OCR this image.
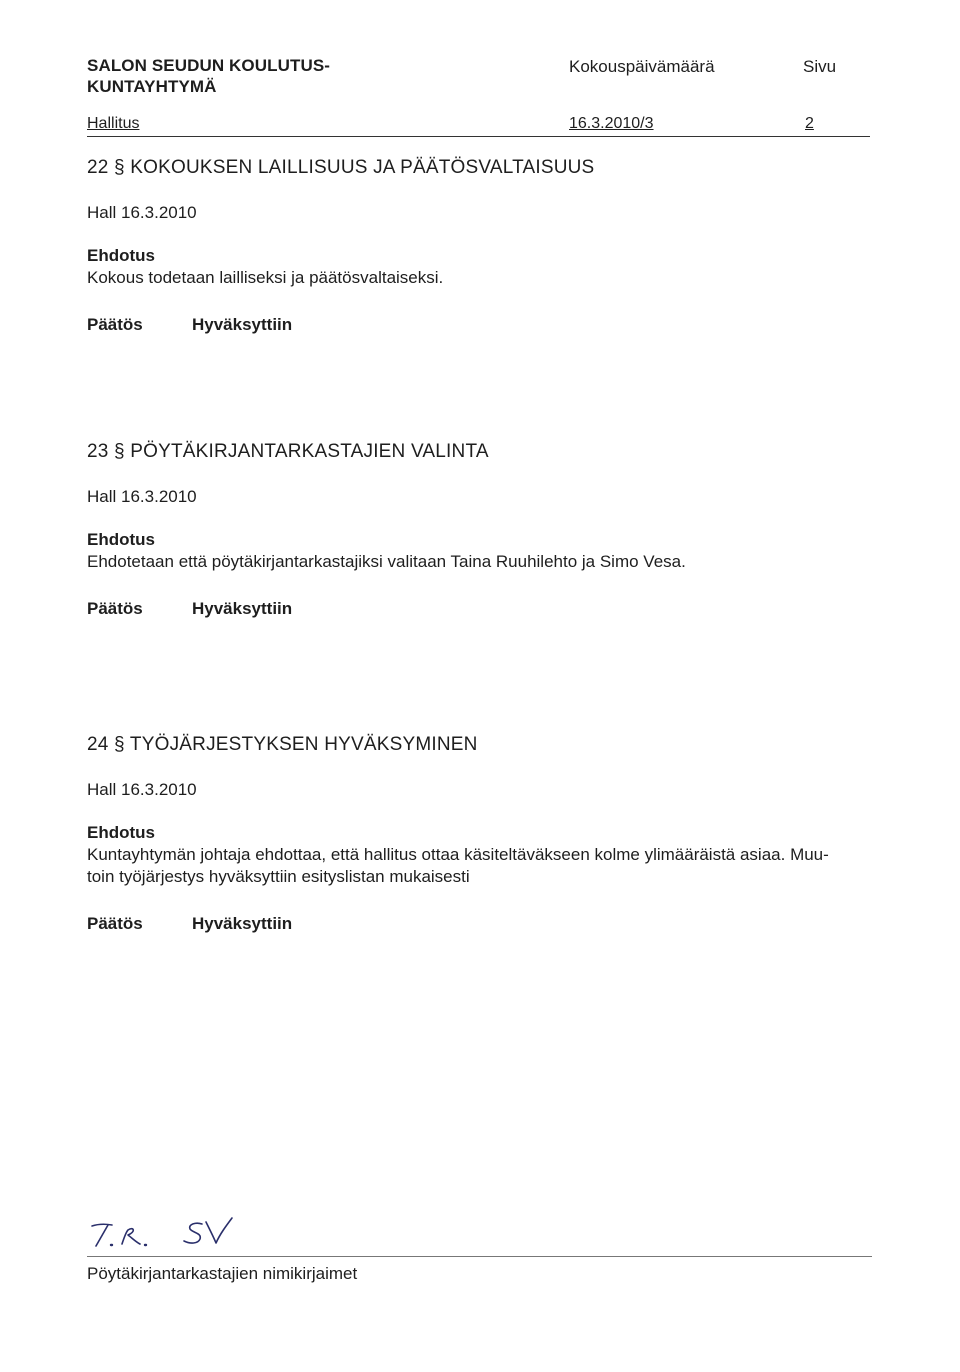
SALON SEUDUN KOULUTUS-
KUNTAYHTYMÄ
Kokouspäivämäärä	Sivu
Hallitus	16.3.2010/3	2
22 § KOKOUKSEN LAILLISUUS JA PÄÄTÖSVALTAISUUS
Hall 16.3.2010
Ehdotus
Kokous todetaan lailliseksi ja päätösvaltaiseksi.
Päätös	Hyväksyttiin
23 § PÖYTÄKIRJANTARKASTAJIEN VALINTA
Hall 16.3.2010
Ehdotus
Ehdotetaan että pöytäkirjantarkastajiksi valitaan Taina Ruuhilehto ja Simo Vesa.
Päätös	Hyväksyttiin
24 § TYÖJÄRJESTYKSEN HYVÄKSYMINEN
Hall 16.3.2010
Ehdotus
Kuntayhtymän johtaja ehdottaa, että hallitus ottaa käsiteltäväkseen kolme ylimääräistä asiaa. Muu-
toin työjärjestys hyväksyttiin esityslistan mukaisesti
Päätös	Hyväksyttiin
Pöytäkirjantarkastajien nimikirjaimet
